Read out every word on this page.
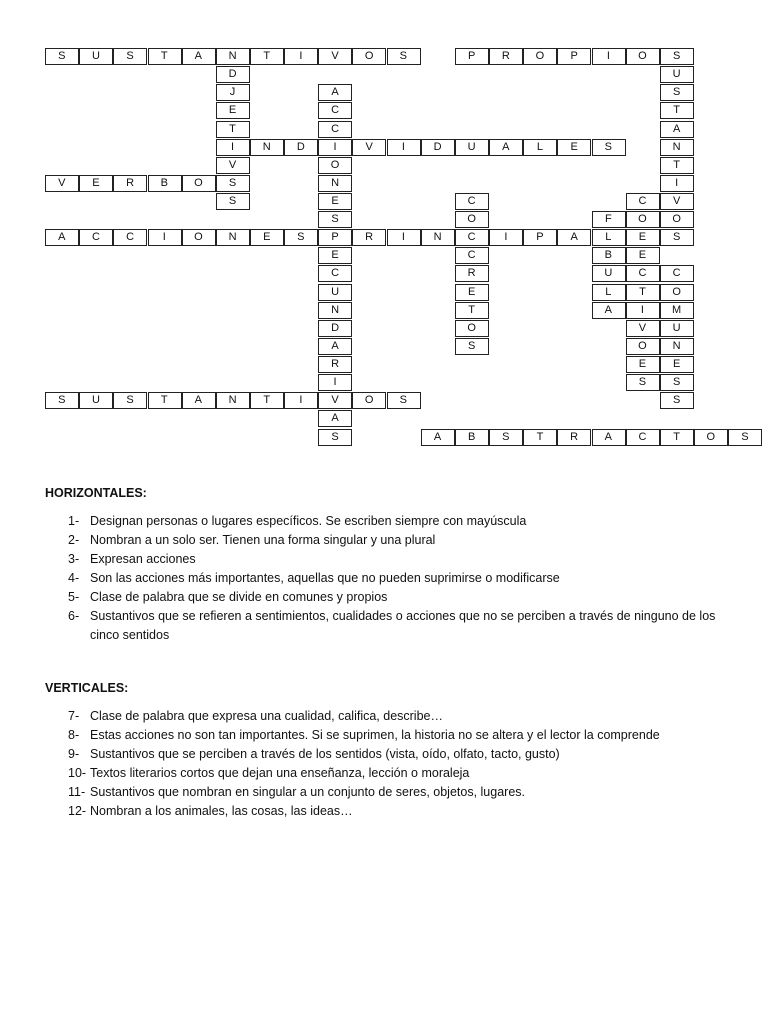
S	U	S	T	A	N	T	I	V	O	S	P	R	O	P	I	O	S
D	U
J	A	S
E	C	T
T	C	A
I	N	D	I	V	I	D	U	A	L	E	S	N
V	O	T
V	E	R	B	O	S	N	I
S	E	C	C	V
S	O	F	O	O
A	C	C	I	O	N	E	S	P	R	I	N	C	I	P	A	L	E	S
E	C	B	E
C	R	U	C	C
U	E	L	T	O
N	T	A	I	M
D	O	V	U
A	S	O	N
R	E	E
I	S	S
S	U	S	T	A	N	T	I	V	O	S	S
A
S	A	B	S	T	R	A	C	T	O	S
HORIZONTALES:
1- Designan personas o lugares específicos. Se escriben siempre con mayúscula
2- Nombran a un solo ser. Tienen una forma singular y una plural
3- Expresan acciones
4- Son las acciones más importantes, aquellas que no pueden suprimirse o modificarse
5- Clase de palabra que se divide en comunes y propios
6- Sustantivos que se refieren a sentimientos, cualidades o acciones que no se perciben a través de ninguno de los cinco sentidos
VERTICALES:
7- Clase de palabra que expresa una cualidad, califica, describe…
8- Estas acciones no son tan importantes. Si se suprimen, la historia no se altera y el lector la comprende
9- Sustantivos que se perciben a través de los sentidos (vista, oído, olfato, tacto, gusto)
10- Textos literarios cortos que dejan una enseñanza, lección o moraleja
11- Sustantivos que nombran en singular a un conjunto de seres, objetos, lugares.
12- Nombran a los animales, las cosas, las ideas…
